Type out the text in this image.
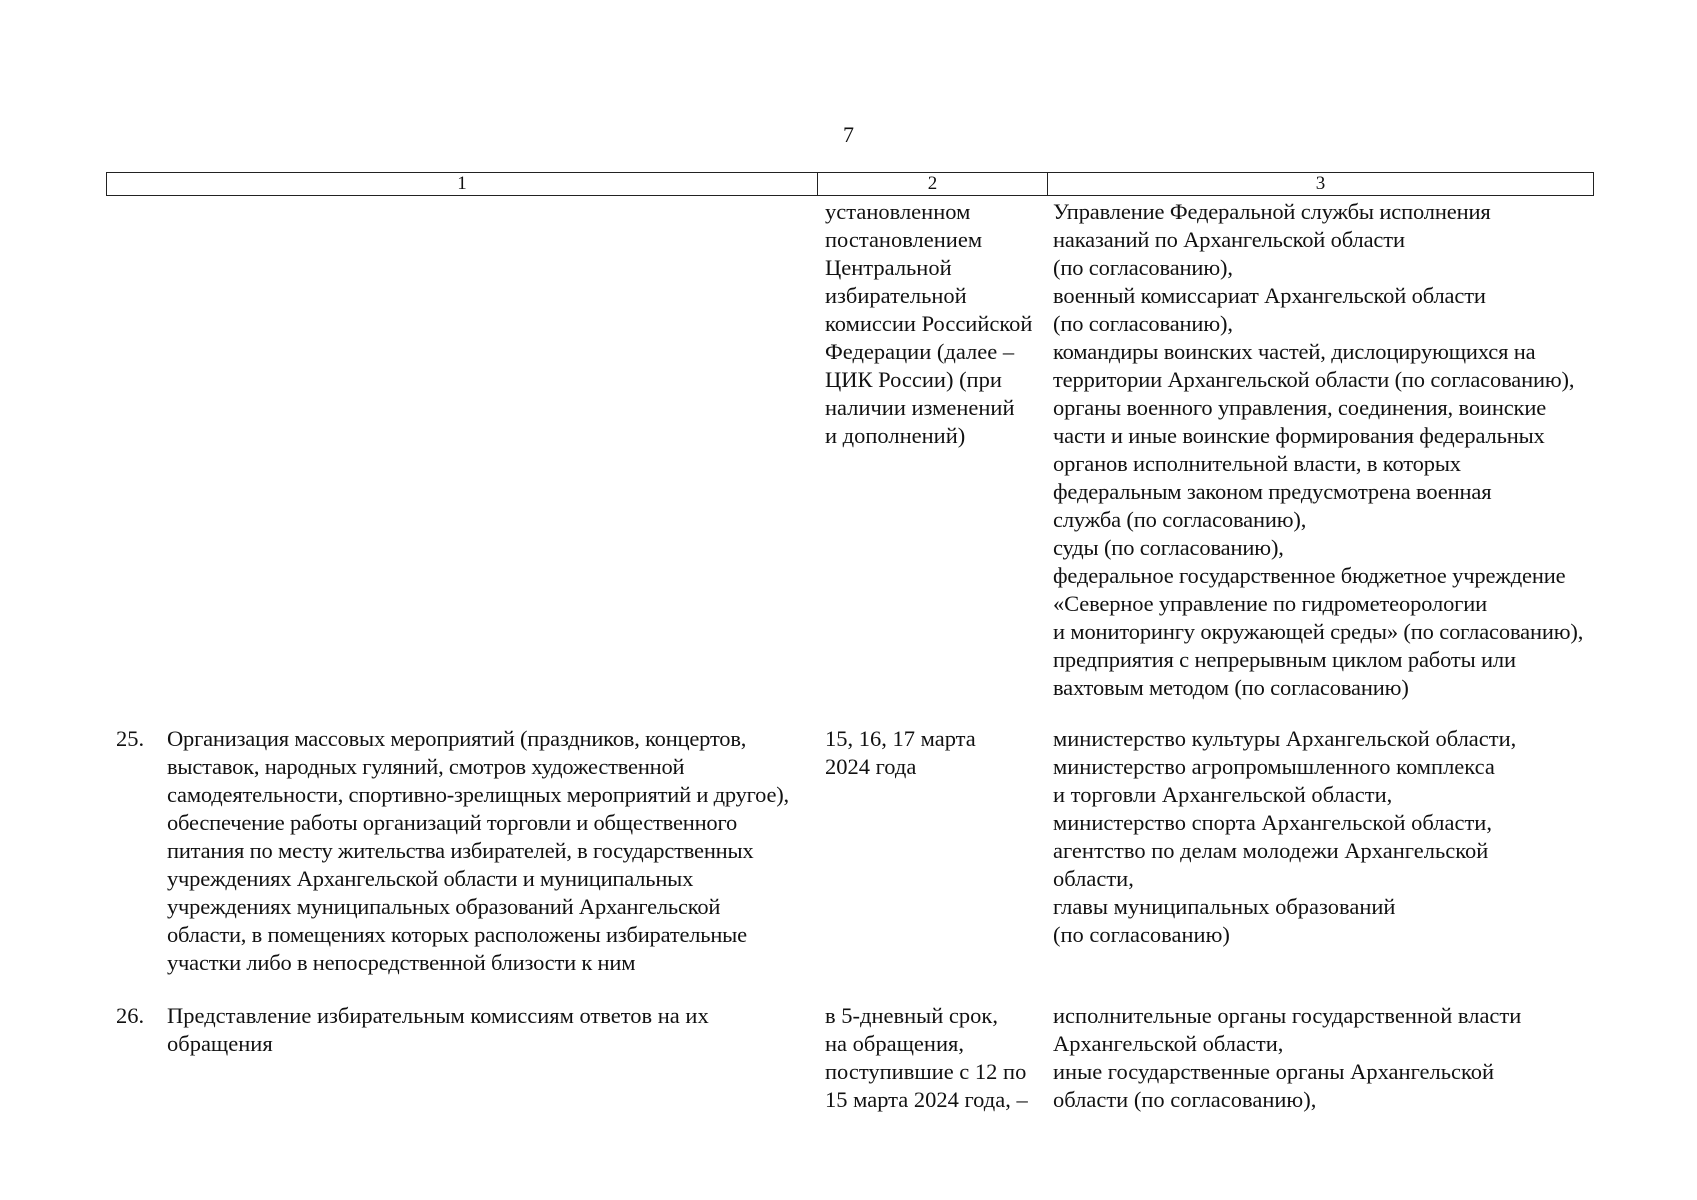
7
1	2	3
установленном
постановлением
Центральной
избирательной
комиссии Российской
Федерации (далее –
ЦИК России) (при
наличии изменений
и дополнений)
Управление Федеральной службы исполнения
наказаний по Архангельской области
(по согласованию),
военный комиссариат Архангельской области
(по согласованию),
командиры воинских частей, дислоцирующихся на
территории Архангельской области (по согласованию),
органы военного управления, соединения, воинские
части и иные воинские формирования федеральных
органов исполнительной власти, в которых
федеральным законом предусмотрена военная
служба (по согласованию),
суды (по согласованию),
федеральное государственное бюджетное учреждение
«Северное управление по гидрометеорологии
и мониторингу окружающей среды» (по согласованию),
предприятия с непрерывным циклом работы или
вахтовым методом (по согласованию)
25. Организация массовых мероприятий (праздников, концертов,
выставок, народных гуляний, смотров художественной
самодеятельности, спортивно-зрелищных мероприятий и другое),
обеспечение работы организаций торговли и общественного
питания по месту жительства избирателей, в государственных
учреждениях Архангельской области и муниципальных
учреждениях муниципальных образований Архангельской
области, в помещениях которых расположены избирательные
участки либо в непосредственной близости к ним
15, 16, 17 марта
2024 года
министерство культуры Архангельской области,
министерство агропромышленного комплекса
и торговли Архангельской области,
министерство спорта Архангельской области,
агентство по делам молодежи Архангельской
области,
главы муниципальных образований
(по согласованию)
26. Представление избирательным комиссиям ответов на их
обращения
в 5-дневный срок,
на обращения,
поступившие с 12 по
15 марта 2024 года, –
исполнительные органы государственной власти
Архангельской области,
иные государственные органы Архангельской
области (по согласованию),
